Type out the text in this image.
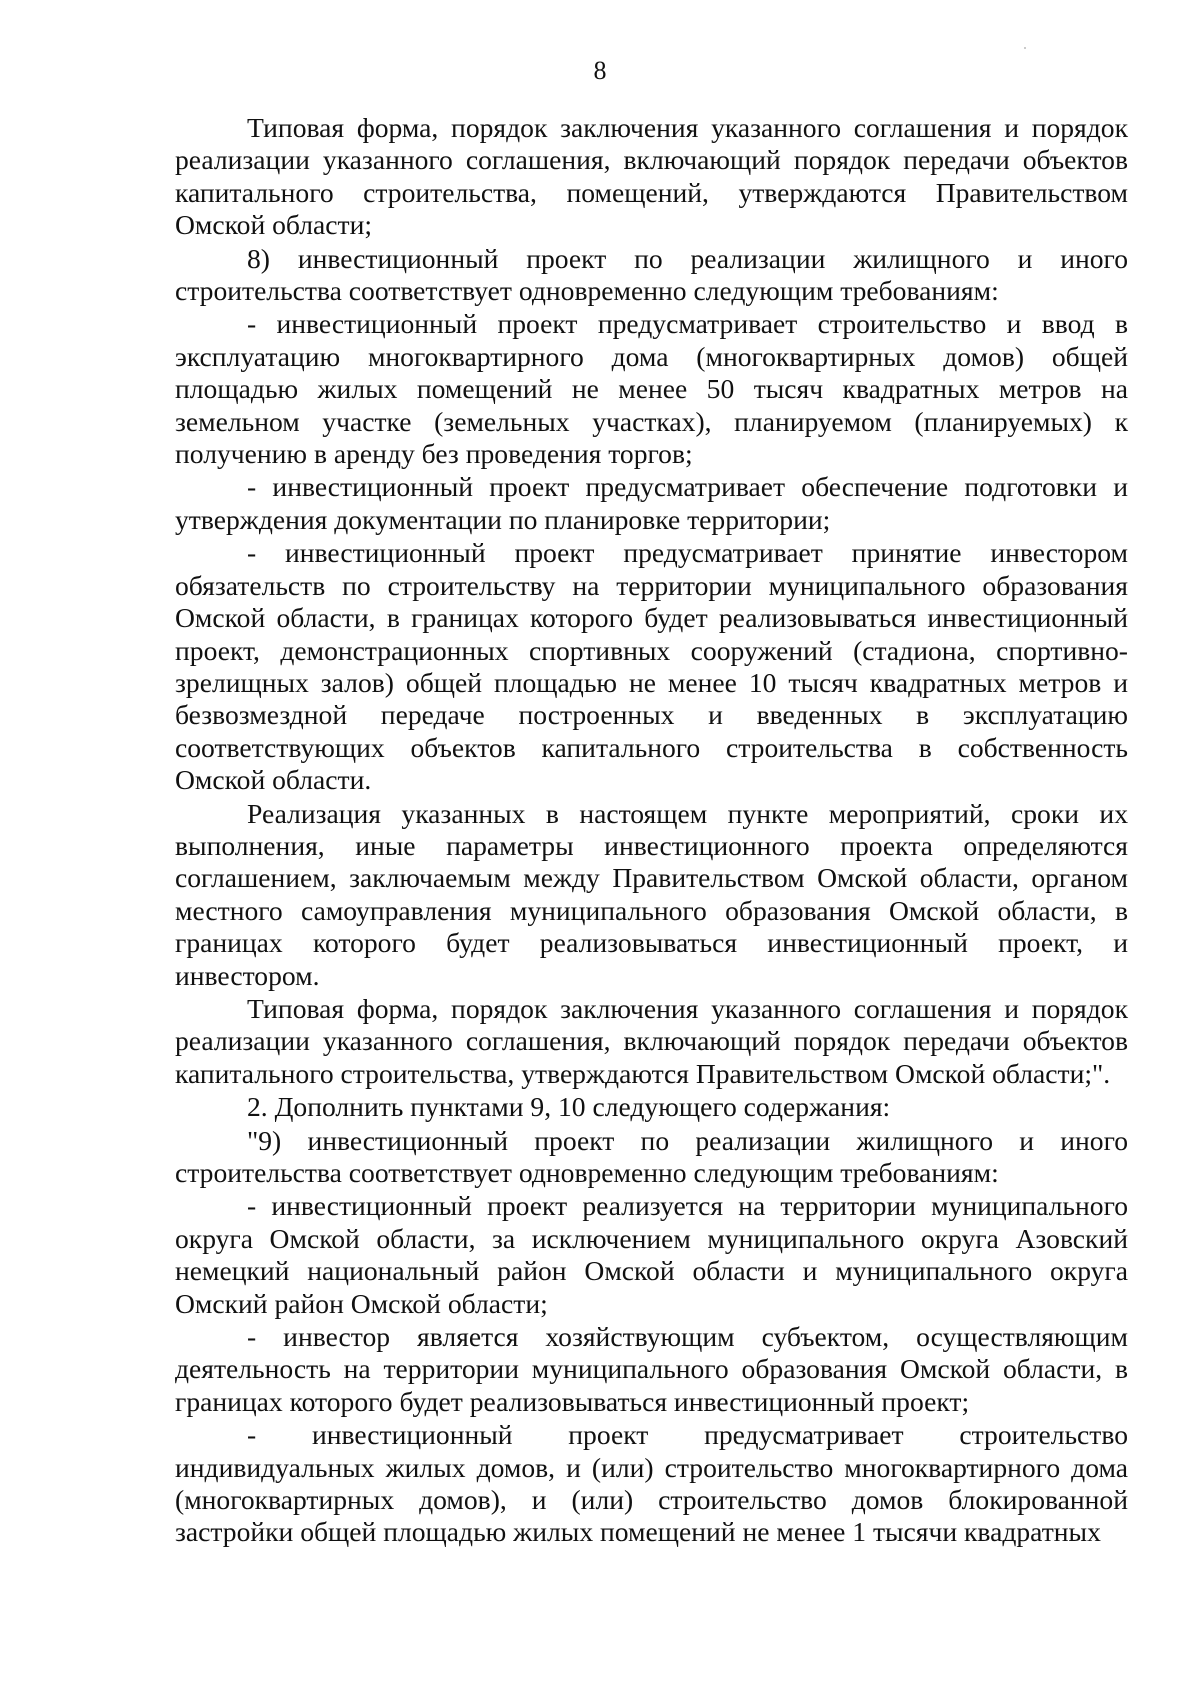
8

Типовая форма, порядок заключения указанного соглашения и порядок реализации указанного соглашения, включающий порядок передачи объектов капитального строительства, помещений, утверждаются Правительством Омской области;

8) инвестиционный проект по реализации жилищного и иного строительства соответствует одновременно следующим требованиям:

- инвестиционный проект предусматривает строительство и ввод в эксплуатацию многоквартирного дома (многоквартирных домов) общей площадью жилых помещений не менее 50 тысяч квадратных метров на земельном участке (земельных участках), планируемом (планируемых) к получению в аренду без проведения торгов;

- инвестиционный проект предусматривает обеспечение подготовки и утверждения документации по планировке территории;

- инвестиционный проект предусматривает принятие инвестором обязательств по строительству на территории муниципального образования Омской области, в границах которого будет реализовываться инвестиционный проект, демонстрационных спортивных сооружений (стадиона, спортивно-зрелищных залов) общей площадью не менее 10 тысяч квадратных метров и безвозмездной передаче построенных и введенных в эксплуатацию соответствующих объектов капитального строительства в собственность Омской области.

Реализация указанных в настоящем пункте мероприятий, сроки их выполнения, иные параметры инвестиционного проекта определяются соглашением, заключаемым между Правительством Омской области, органом местного самоуправления муниципального образования Омской области, в границах которого будет реализовываться инвестиционный проект, и инвестором.

Типовая форма, порядок заключения указанного соглашения и порядок реализации указанного соглашения, включающий порядок передачи объектов капитального строительства, утверждаются Правительством Омской области;".

2. Дополнить пунктами 9, 10 следующего содержания:

"9) инвестиционный проект по реализации жилищного и иного строительства соответствует одновременно следующим требованиям:

- инвестиционный проект реализуется на территории муниципального округа Омской области, за исключением муниципального округа Азовский немецкий национальный район Омской области и муниципального округа Омский район Омской области;

- инвестор является хозяйствующим субъектом, осуществляющим деятельность на территории муниципального образования Омской области, в границах которого будет реализовываться инвестиционный проект;

- инвестиционный проект предусматривает строительство индивидуальных жилых домов, и (или) строительство многоквартирного дома (многоквартирных домов), и (или) строительство домов блокированной застройки общей площадью жилых помещений не менее 1 тысячи квадратных
